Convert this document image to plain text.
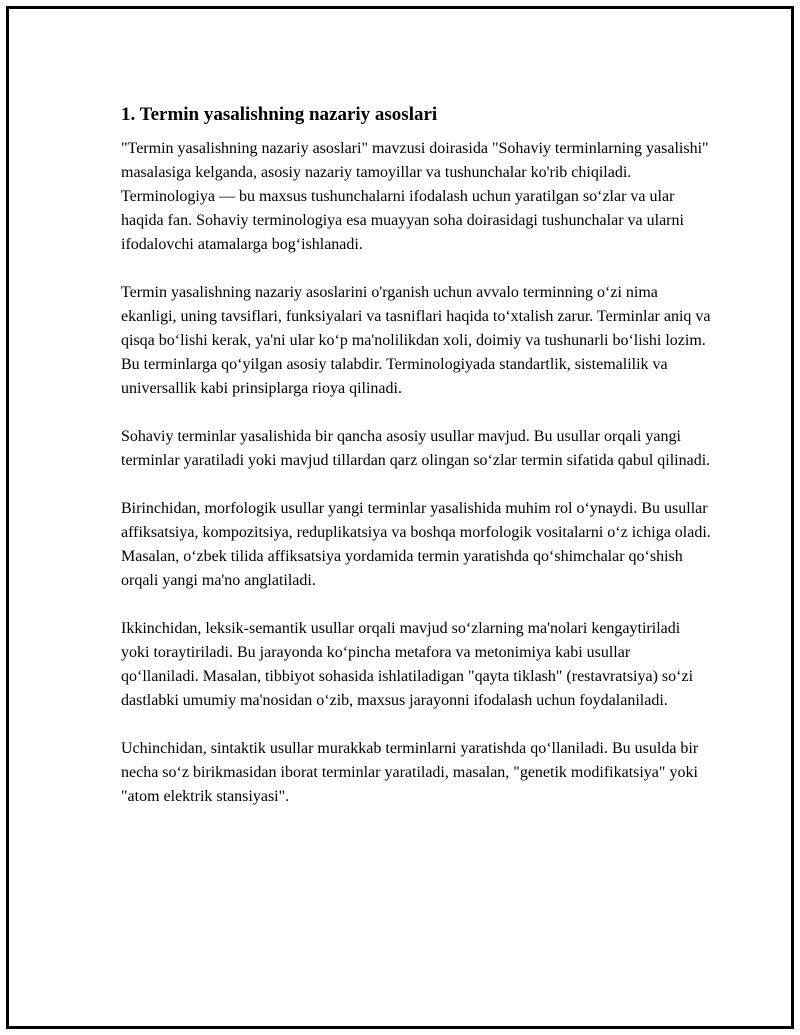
1. Termin yasalishning nazariy asoslari

"Termin yasalishning nazariy asoslari" mavzusi doirasida "Sohaviy terminlarning yasalishi" masalasiga kelganda, asosiy nazariy tamoyillar va tushunchalar ko'rib chiqiladi. Terminologiya — bu maxsus tushunchalarni ifodalash uchun yaratilgan so‘zlar va ular haqida fan. Sohaviy terminologiya esa muayyan soha doirasidagi tushunchalar va ularni ifodalovchi atamalarga bog‘ishlanadi.

Termin yasalishning nazariy asoslarini o'rganish uchun avvalo terminning o‘zi nima ekanligi, uning tavsiflari, funksiyalari va tasniflari haqida to‘xtalish zarur. Terminlar aniq va qisqa bo‘lishi kerak, ya'ni ular ko‘p ma'nolilikdan xoli, doimiy va tushunarli bo‘lishi lozim. Bu terminlarga qo‘yilgan asosiy talabdir. Terminologiyada standartlik, sistemalilik va universallik kabi prinsiplarga rioya qilinadi.

Sohaviy terminlar yasalishida bir qancha asosiy usullar mavjud. Bu usullar orqali yangi terminlar yaratiladi yoki mavjud tillardan qarz olingan so‘zlar termin sifatida qabul qilinadi.

Birinchidan, morfologik usullar yangi terminlar yasalishida muhim rol o‘ynaydi. Bu usullar affiksatsiya, kompozitsiya, reduplikatsiya va boshqa morfologik vositalarni o‘z ichiga oladi. Masalan, o‘zbek tilida affiksatsiya yordamida termin yaratishda qo‘shimchalar qo‘shish orqali yangi ma'no anglatiladi.

Ikkinchidan, leksik-semantik usullar orqali mavjud so‘zlarning ma'nolari kengaytiriladi yoki toraytiriladi. Bu jarayonda ko‘pincha metafora va metonimiya kabi usullar qo‘llaniladi. Masalan, tibbiyot sohasida ishlatiladigan "qayta tiklash" (restavratsiya) so‘zi dastlabki umumiy ma'nosidan o‘zib, maxsus jarayonni ifodalash uchun foydalaniladi.

Uchinchidan, sintaktik usullar murakkab terminlarni yaratishda qo‘llaniladi. Bu usulda bir necha so‘z birikmasidan iborat terminlar yaratiladi, masalan, "genetik modifikatsiya" yoki "atom elektrik stansiyasi".
